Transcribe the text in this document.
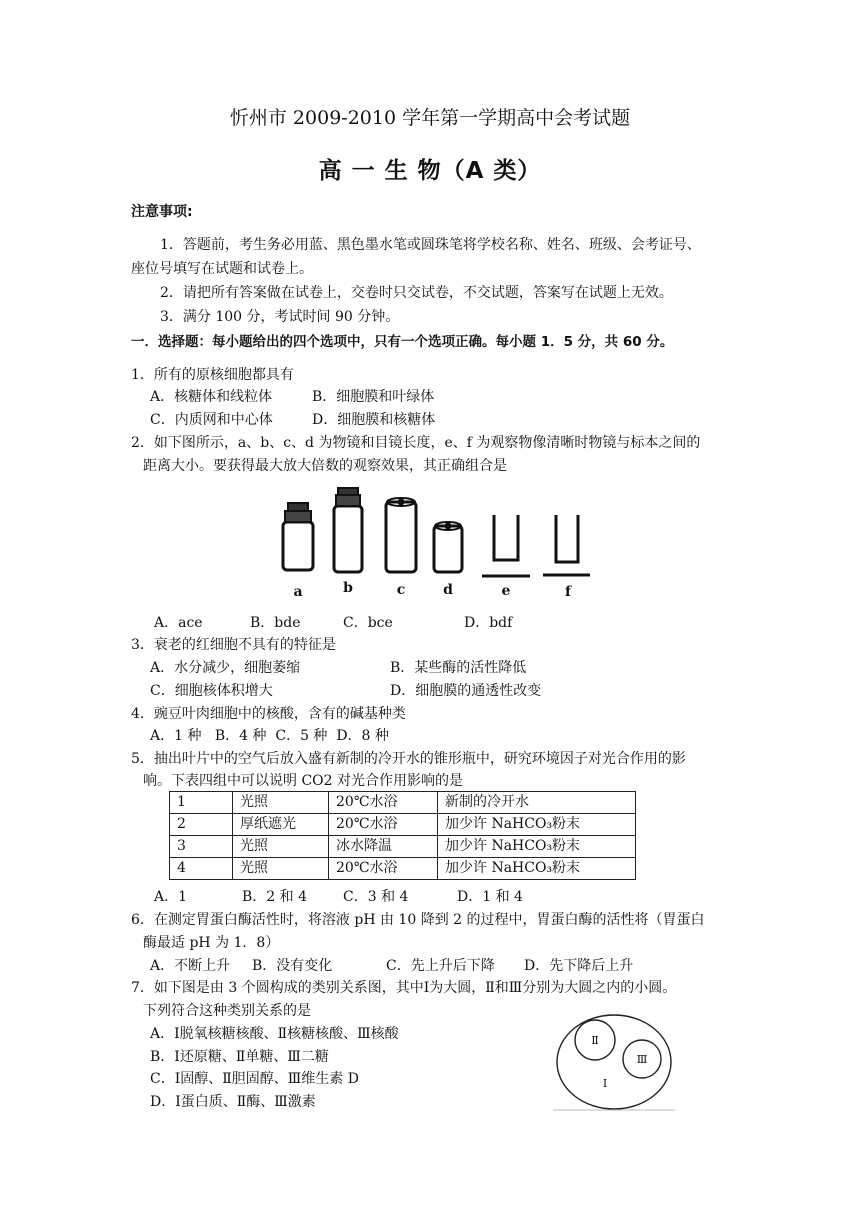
忻州市 2009-2010 学年第一学期高中会考试题
高 一 生 物（A 类）
注意事项:
1．答题前，考生务必用蓝、黑色墨水笔或圆珠笔将学校名称、姓名、班级、会考证号、
座位号填写在试题和试卷上。
2．请把所有答案做在试卷上，交卷时只交试卷，不交试题，答案写在试题上无效。
3．满分 100 分，考试时间 90 分钟。
一．选择题：每小题给出的四个选项中，只有一个选项正确。每小题 1．5 分，共 60 分。
1．所有的原核细胞都具有
A．核糖体和线粒体	B．细胞膜和叶绿体
C．内质网和中心体	D．细胞膜和核糖体
2．如下图所示，a、b、c、d 为物镜和目镜长度，e、f 为观察物像清晰时物镜与标本之间的
距离大小。要获得最大放大倍数的观察效果，其正确组合是
a	b	c	d	e	f
A．ace	B．bde	C．bce	D．bdf
3．衰老的红细胞不具有的特征是
A．水分减少，细胞萎缩	B．某些酶的活性降低
C．细胞核体积增大	D．细胞膜的通透性改变
4．豌豆叶肉细胞中的核酸，含有的碱基种类
A．1 种   B．4 种  C．5 种  D．8 种
5．抽出叶片中的空气后放入盛有新制的冷开水的锥形瓶中，研究环境因子对光合作用的影
响。下表四组中可以说明 CO2 对光合作用影响的是
1	光照	20℃水浴	新制的冷开水
2	厚纸遮光	20℃水浴	加少许 NaHCO₃粉末
3	光照	冰水降温	加少许 NaHCO₃粉末
4	光照	20℃水浴	加少许 NaHCO₃粉末
A．1	B．2 和 4	C．3 和 4	D．1 和 4
6．在测定胃蛋白酶活性时，将溶液 pH 由 10 降到 2 的过程中，胃蛋白酶的活性将（胃蛋白
酶最适 pH 为 1．8）
A．不断上升 B．没有变化	C．先上升后下降 D．先下降后上升
7．如下图是由 3 个圆构成的类别关系图，其中Ⅰ为大圆，Ⅱ和Ⅲ分别为大圆之内的小圆。
下列符合这种类别关系的是
A．Ⅰ脱氧核糖核酸、Ⅱ核糖核酸、Ⅲ核酸
B．Ⅰ还原糖、Ⅱ单糖、Ⅲ二糖
C．Ⅰ固醇、Ⅱ胆固醇、Ⅲ维生素 D
D．Ⅰ蛋白质、Ⅱ酶、Ⅲ激素
Ⅰ
Ⅱ
Ⅲ
